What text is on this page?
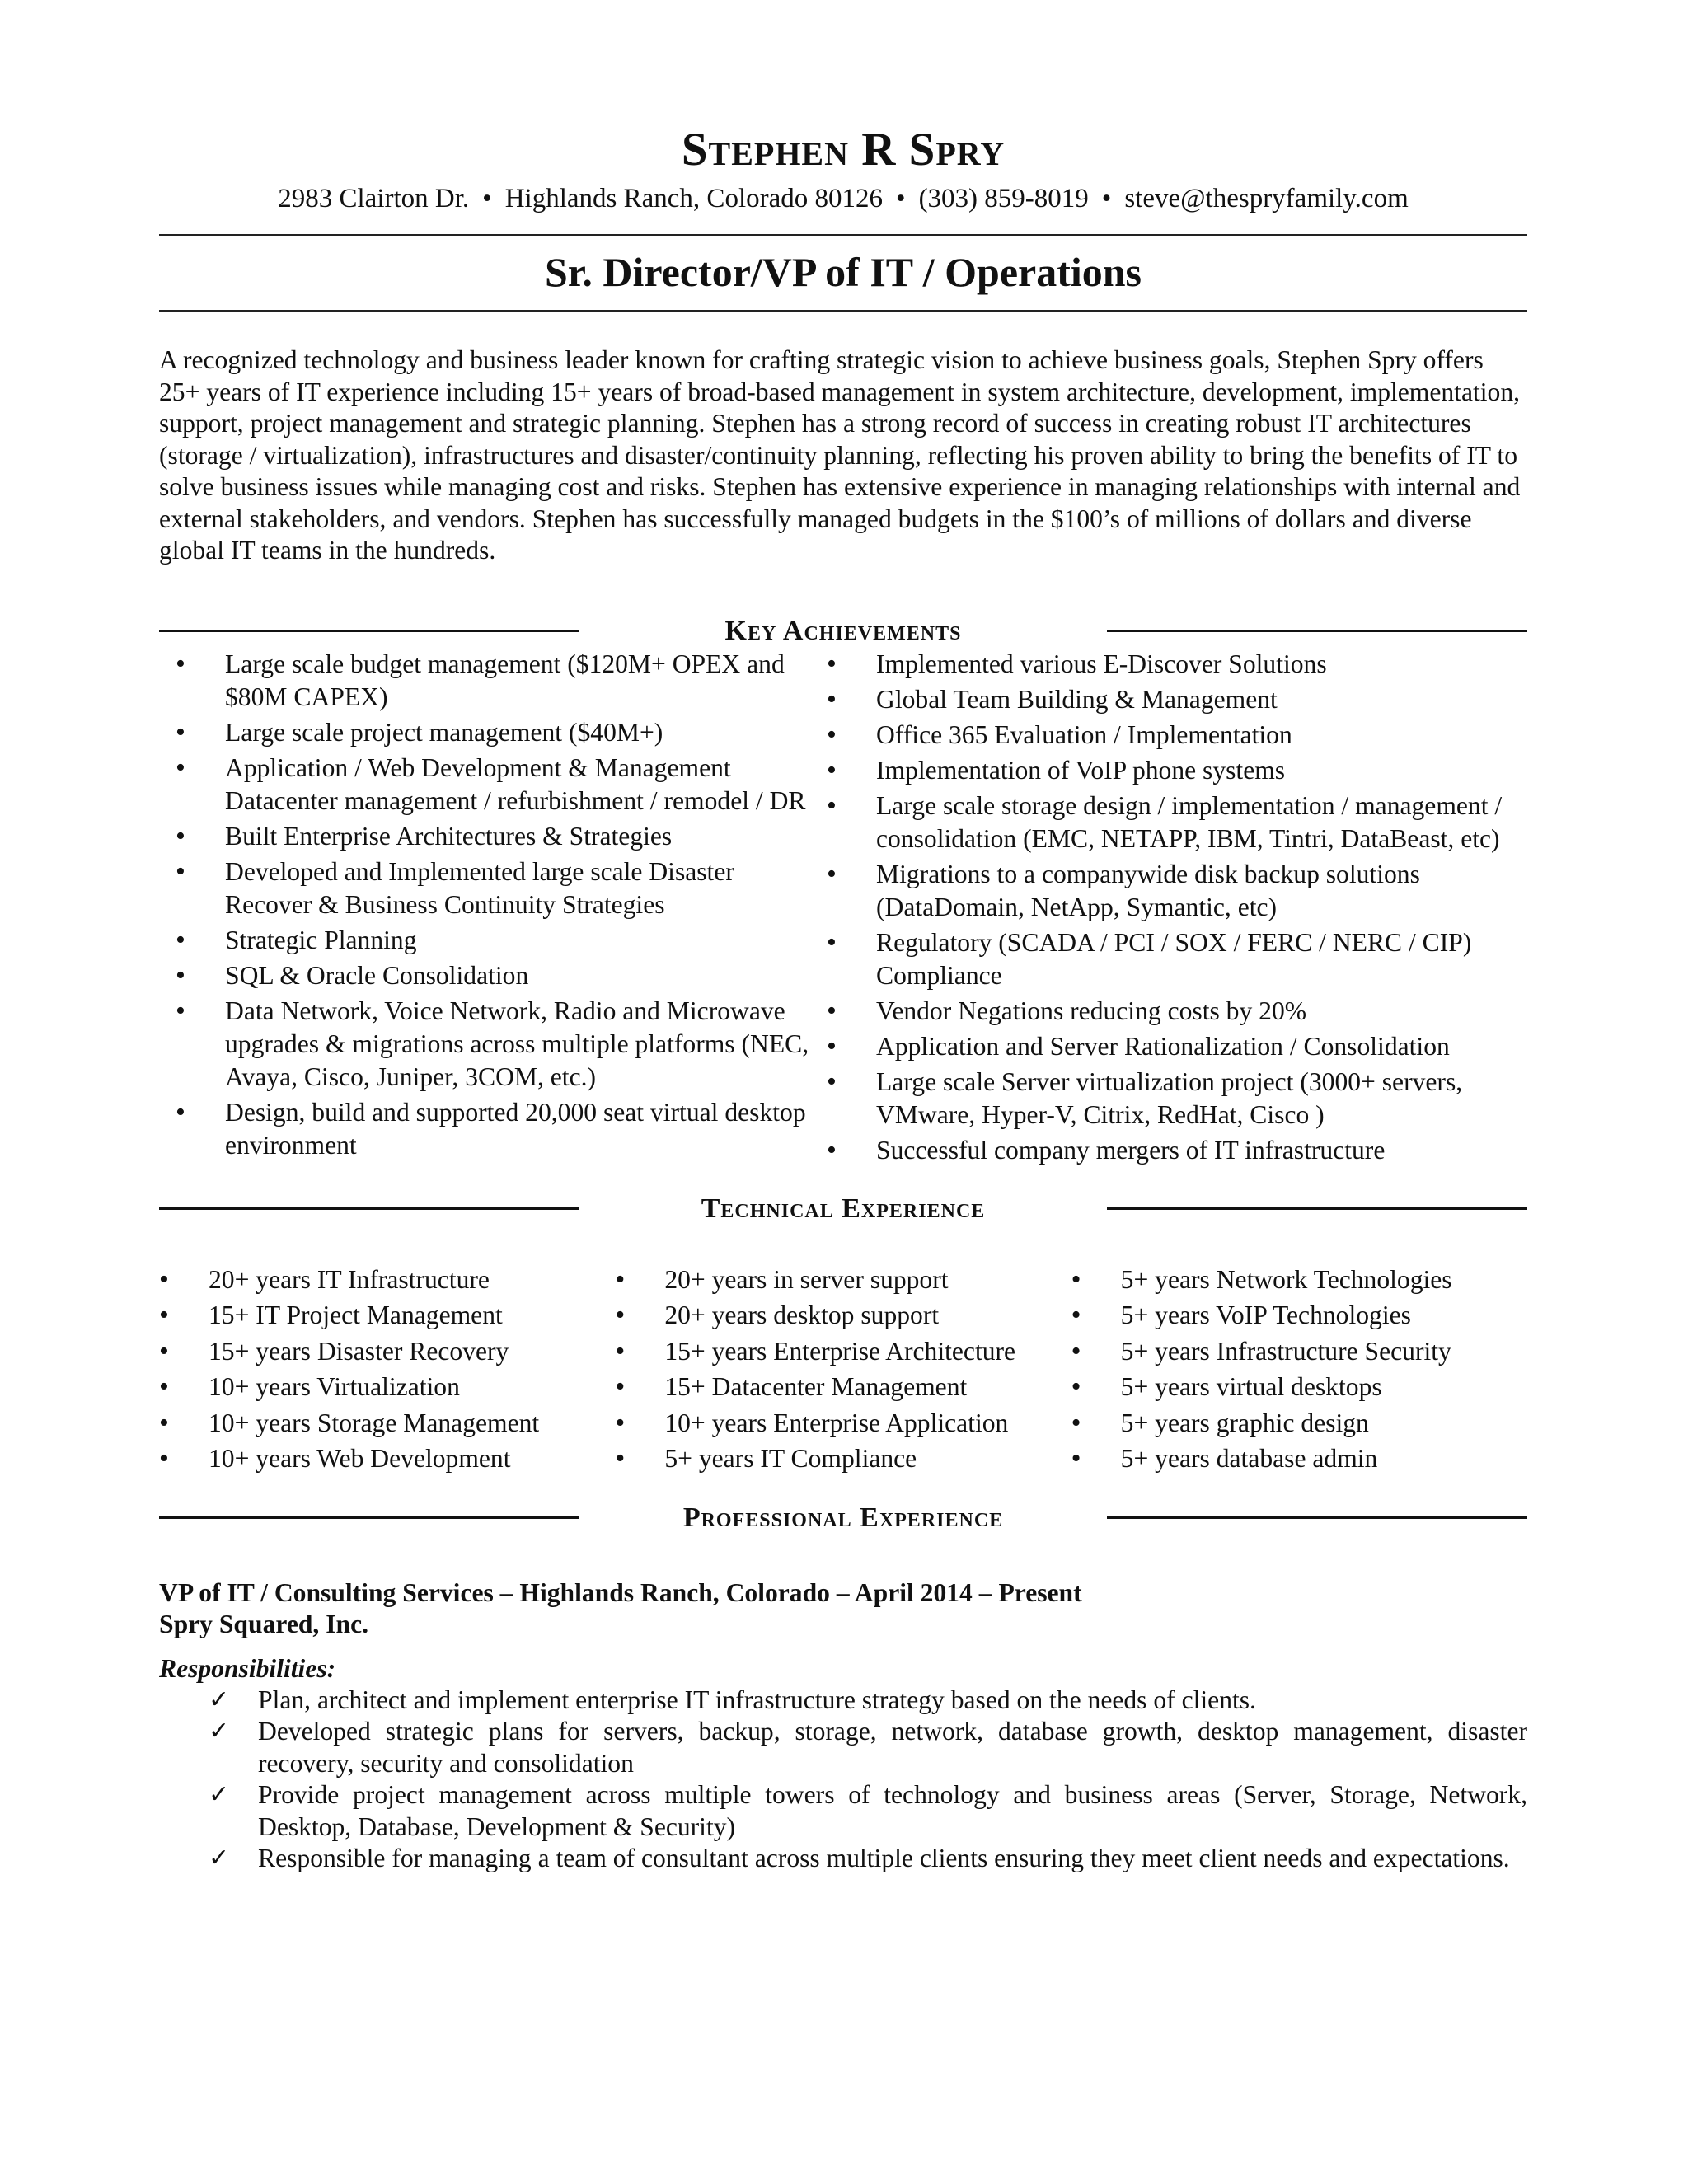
Stephen R Spry
2983 Clairton Dr. • Highlands Ranch, Colorado 80126 • (303) 859-8019 • steve@thespryfamily.com
Sr. Director/VP of IT / Operations

A recognized technology and business leader known for crafting strategic vision to achieve business goals, Stephen Spry offers 25+ years of IT experience including 15+ years of broad-based management in system architecture, development, implementation, support, project management and strategic planning. Stephen has a strong record of success in creating robust IT architectures (storage / virtualization), infrastructures and disaster/continuity planning, reflecting his proven ability to bring the benefits of IT to solve business issues while managing cost and risks. Stephen has extensive experience in managing relationships with internal and external stakeholders, and vendors. Stephen has successfully managed budgets in the $100’s of millions of dollars and diverse global IT teams in the hundreds.

Key Achievements
• Large scale budget management ($120M+ OPEX and $80M CAPEX)
• Large scale project management ($40M+)
• Application / Web Development & Management Datacenter management / refurbishment / remodel / DR
• Built Enterprise Architectures & Strategies
• Developed and Implemented large scale Disaster Recover & Business Continuity Strategies
• Strategic Planning
• SQL & Oracle Consolidation
• Data Network, Voice Network, Radio and Microwave upgrades & migrations across multiple platforms (NEC, Avaya, Cisco, Juniper, 3COM, etc.)
• Design, build and supported 20,000 seat virtual desktop environment
• Implemented various E-Discover Solutions
• Global Team Building & Management
• Office 365 Evaluation / Implementation
• Implementation of VoIP phone systems
• Large scale storage design / implementation / management / consolidation (EMC, NETAPP, IBM, Tintri, DataBeast, etc)
• Migrations to a companywide disk backup solutions (DataDomain, NetApp, Symantic, etc)
• Regulatory (SCADA / PCI / SOX / FERC / NERC / CIP) Compliance
• Vendor Negations reducing costs by 20%
• Application and Server Rationalization / Consolidation
• Large scale Server virtualization project (3000+ servers, VMware, Hyper-V, Citrix, RedHat, Cisco )
• Successful company mergers of IT infrastructure
Technical Experience
• 20+ years IT Infrastructure
• 15+ IT Project Management
• 15+ years Disaster Recovery
• 10+ years Virtualization
• 10+ years Storage Management
• 10+ years Web Development
• 20+ years in server support
• 20+ years desktop support
• 15+ years Enterprise Architecture
• 15+ Datacenter Management
• 10+ years Enterprise Application
• 5+ years IT Compliance
• 5+ years Network Technologies
• 5+ years VoIP Technologies
• 5+ years Infrastructure Security
• 5+ years virtual desktops
• 5+ years graphic design
• 5+ years database admin
Professional Experience
VP of IT / Consulting Services – Highlands Ranch, Colorado – April 2014 – Present
Spry Squared, Inc.
Responsibilities:
✓ Plan, architect and implement enterprise IT infrastructure strategy based on the needs of clients.
✓ Developed strategic plans for servers, backup, storage, network, database growth, desktop management, disaster recovery, security and consolidation
✓ Provide project management across multiple towers of technology and business areas (Server, Storage, Network, Desktop, Database, Development & Security)
✓ Responsible for managing a team of consultant across multiple clients ensuring they meet client needs and expectations.
